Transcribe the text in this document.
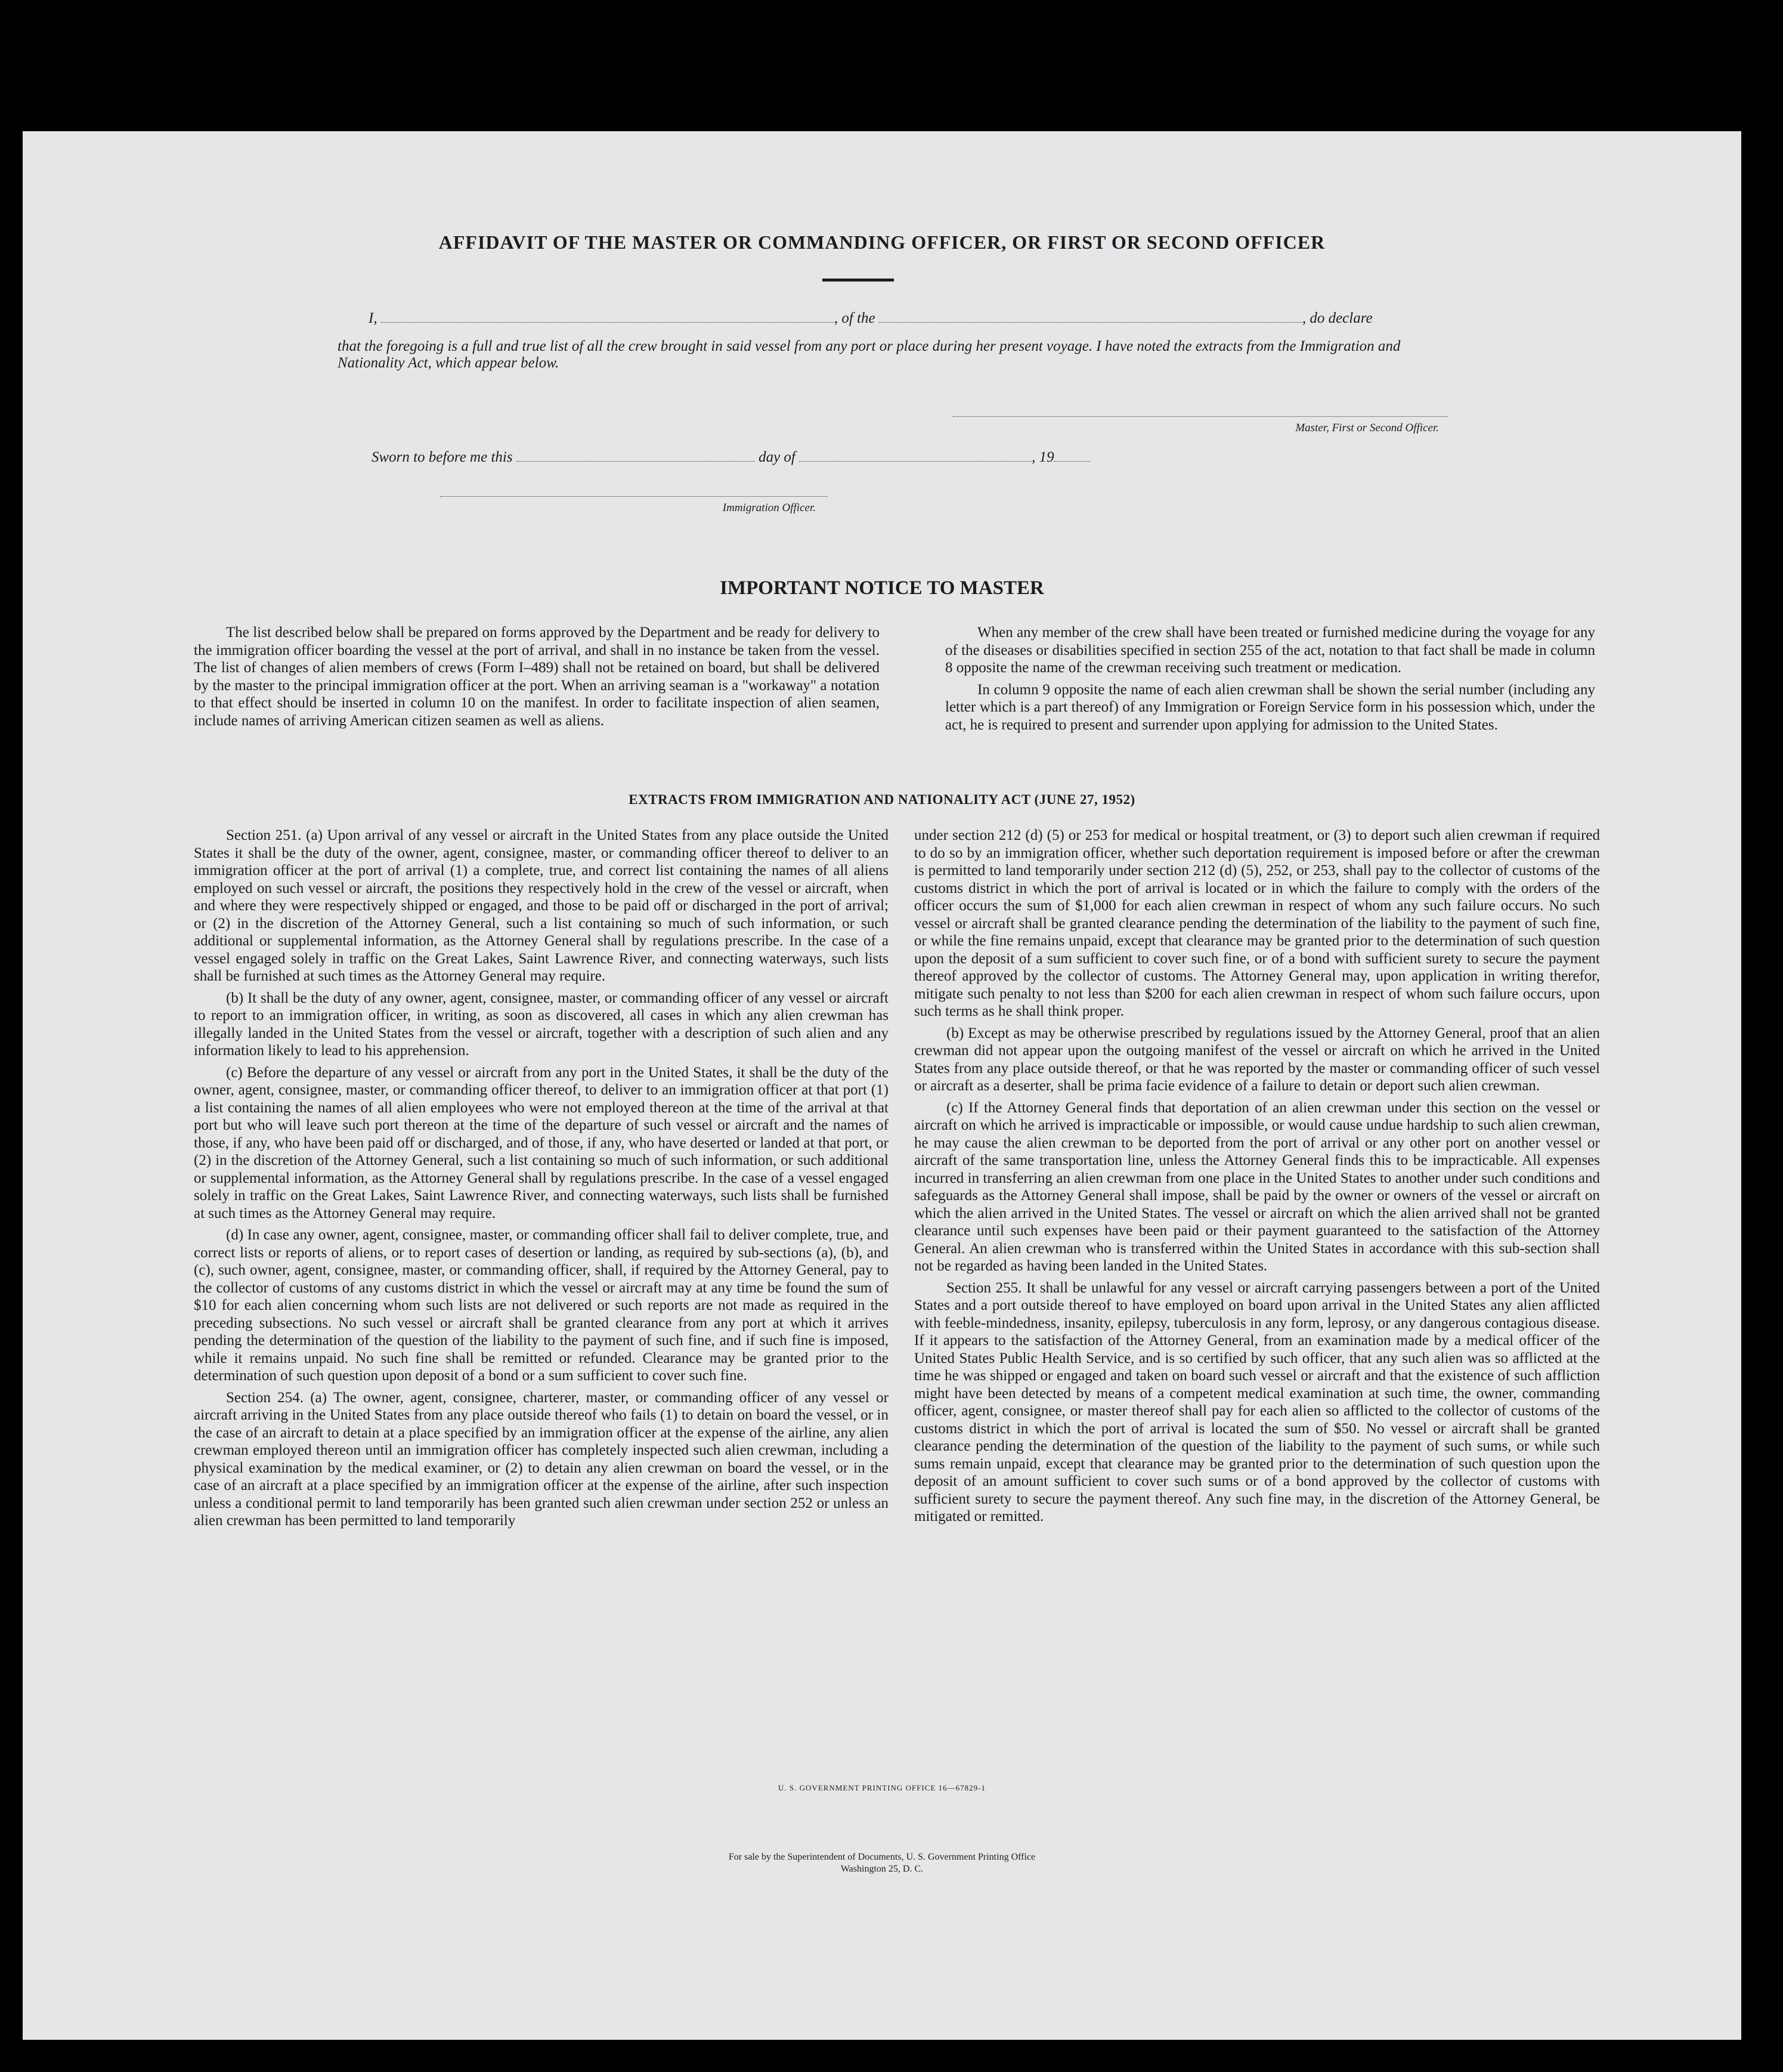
AFFIDAVIT OF THE MASTER OR COMMANDING OFFICER, OR FIRST OR SECOND OFFICER
I,	, of the	, do declare
that the foregoing is a full and true list of all the crew brought in said vessel from any port or place during her present voyage. I have noted the extracts from the Immigration and Nationality Act, which appear below.
Master, First or Second Officer.
Sworn to before me this	day of	, 19
Immigration Officer.
IMPORTANT NOTICE TO MASTER

The list described below shall be prepared on forms approved by the Department and be ready for delivery to the immigration officer boarding the vessel at the port of arrival, and shall in no instance be taken from the vessel. The list of changes of alien members of crews (Form I–489) shall not be retained on board, but shall be delivered by the master to the principal immigration officer at the port. When an arriving seaman is a "workaway" a notation to that effect should be inserted in column 10 on the manifest. In order to facilitate inspection of alien seamen, include names of arriving American citizen seamen as well as aliens.

When any member of the crew shall have been treated or furnished medicine during the voyage for any of the diseases or disabilities specified in section 255 of the act, notation to that fact shall be made in column 8 opposite the name of the crewman receiving such treatment or medication.

In column 9 opposite the name of each alien crewman shall be shown the serial number (including any letter which is a part thereof) of any Immigration or Foreign Service form in his possession which, under the act, he is required to present and surrender upon applying for admission to the United States.

EXTRACTS FROM IMMIGRATION AND NATIONALITY ACT (JUNE 27, 1952)

Section 251. (a) Upon arrival of any vessel or aircraft in the United States from any place outside the United States it shall be the duty of the owner, agent, consignee, master, or commanding officer thereof to deliver to an immigration officer at the port of arrival (1) a complete, true, and correct list containing the names of all aliens employed on such vessel or aircraft, the positions they respectively hold in the crew of the vessel or aircraft, when and where they were respectively shipped or engaged, and those to be paid off or discharged in the port of arrival; or (2) in the discretion of the Attorney General, such a list containing so much of such information, or such additional or supplemental information, as the Attorney General shall by regulations prescribe. In the case of a vessel engaged solely in traffic on the Great Lakes, Saint Lawrence River, and connecting waterways, such lists shall be furnished at such times as the Attorney General may require.

(b) It shall be the duty of any owner, agent, consignee, master, or commanding officer of any vessel or aircraft to report to an immigration officer, in writing, as soon as discovered, all cases in which any alien crewman has illegally landed in the United States from the vessel or aircraft, together with a description of such alien and any information likely to lead to his apprehension.

(c) Before the departure of any vessel or aircraft from any port in the United States, it shall be the duty of the owner, agent, consignee, master, or commanding officer thereof, to deliver to an immigration officer at that port (1) a list containing the names of all alien employees who were not employed thereon at the time of the arrival at that port but who will leave such port thereon at the time of the departure of such vessel or aircraft and the names of those, if any, who have been paid off or discharged, and of those, if any, who have deserted or landed at that port, or (2) in the discretion of the Attorney General, such a list containing so much of such information, or such additional or supplemental information, as the Attorney General shall by regulations prescribe. In the case of a vessel engaged solely in traffic on the Great Lakes, Saint Lawrence River, and connecting waterways, such lists shall be furnished at such times as the Attorney General may require.

(d) In case any owner, agent, consignee, master, or commanding officer shall fail to deliver complete, true, and correct lists or reports of aliens, or to report cases of desertion or landing, as required by sub-sections (a), (b), and (c), such owner, agent, consignee, master, or commanding officer, shall, if required by the Attorney General, pay to the collector of customs of any customs district in which the vessel or aircraft may at any time be found the sum of $10 for each alien concerning whom such lists are not delivered or such reports are not made as required in the preceding subsections. No such vessel or aircraft shall be granted clearance from any port at which it arrives pending the determination of the question of the liability to the payment of such fine, and if such fine is imposed, while it remains unpaid. No such fine shall be remitted or refunded. Clearance may be granted prior to the determination of such question upon deposit of a bond or a sum sufficient to cover such fine.

Section 254. (a) The owner, agent, consignee, charterer, master, or commanding officer of any vessel or aircraft arriving in the United States from any place outside thereof who fails (1) to detain on board the vessel, or in the case of an aircraft to detain at a place specified by an immigration officer at the expense of the airline, any alien crewman employed thereon until an immigration officer has completely inspected such alien crewman, including a physical examination by the medical examiner, or (2) to detain any alien crewman on board the vessel, or in the case of an aircraft at a place specified by an immigration officer at the expense of the airline, after such inspection unless a conditional permit to land temporarily has been granted such alien crewman under section 252 or unless an alien crewman has been permitted to land temporarily

under section 212 (d) (5) or 253 for medical or hospital treatment, or (3) to deport such alien crewman if required to do so by an immigration officer, whether such deportation requirement is imposed before or after the crewman is permitted to land temporarily under section 212 (d) (5), 252, or 253, shall pay to the collector of customs of the customs district in which the port of arrival is located or in which the failure to comply with the orders of the officer occurs the sum of $1,000 for each alien crewman in respect of whom any such failure occurs. No such vessel or aircraft shall be granted clearance pending the determination of the liability to the payment of such fine, or while the fine remains unpaid, except that clearance may be granted prior to the determination of such question upon the deposit of a sum sufficient to cover such fine, or of a bond with sufficient surety to secure the payment thereof approved by the collector of customs. The Attorney General may, upon application in writing therefor, mitigate such penalty to not less than $200 for each alien crewman in respect of whom such failure occurs, upon such terms as he shall think proper.

(b) Except as may be otherwise prescribed by regulations issued by the Attorney General, proof that an alien crewman did not appear upon the outgoing manifest of the vessel or aircraft on which he arrived in the United States from any place outside thereof, or that he was reported by the master or commanding officer of such vessel or aircraft as a deserter, shall be prima facie evidence of a failure to detain or deport such alien crewman.

(c) If the Attorney General finds that deportation of an alien crewman under this section on the vessel or aircraft on which he arrived is impracticable or impossible, or would cause undue hardship to such alien crewman, he may cause the alien crewman to be deported from the port of arrival or any other port on another vessel or aircraft of the same transportation line, unless the Attorney General finds this to be impracticable. All expenses incurred in transferring an alien crewman from one place in the United States to another under such conditions and safeguards as the Attorney General shall impose, shall be paid by the owner or owners of the vessel or aircraft on which the alien arrived in the United States. The vessel or aircraft on which the alien arrived shall not be granted clearance until such expenses have been paid or their payment guaranteed to the satisfaction of the Attorney General. An alien crewman who is transferred within the United States in accordance with this sub-section shall not be regarded as having been landed in the United States.

Section 255. It shall be unlawful for any vessel or aircraft carrying passengers between a port of the United States and a port outside thereof to have employed on board upon arrival in the United States any alien afflicted with feeble-mindedness, insanity, epilepsy, tuberculosis in any form, leprosy, or any dangerous contagious disease. If it appears to the satisfaction of the Attorney General, from an examination made by a medical officer of the United States Public Health Service, and is so certified by such officer, that any such alien was so afflicted at the time he was shipped or engaged and taken on board such vessel or aircraft and that the existence of such affliction might have been detected by means of a competent medical examination at such time, the owner, commanding officer, agent, consignee, or master thereof shall pay for each alien so afflicted to the collector of customs of the customs district in which the port of arrival is located the sum of $50. No vessel or aircraft shall be granted clearance pending the determination of the question of the liability to the payment of such sums, or while such sums remain unpaid, except that clearance may be granted prior to the determination of such question upon the deposit of an amount sufficient to cover such sums or of a bond approved by the collector of customs with sufficient surety to secure the payment thereof. Any such fine may, in the discretion of the Attorney General, be mitigated or remitted.

U. S. GOVERNMENT PRINTING OFFICE 16—67829-1
For sale by the Superintendent of Documents, U. S. Government Printing Office
Washington 25, D. C.
